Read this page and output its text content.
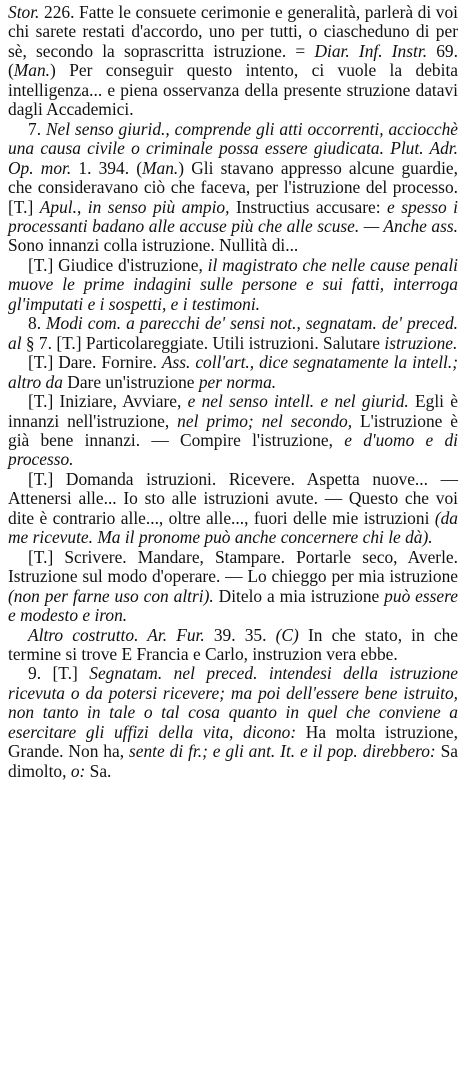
Stor. 226. Fatte le consuete cerimonie e generalità, parlerà di voi chi sarete restati d'accordo, uno per tutti, o ciascheduno di per sè, secondo la soprascritta istruzione. = Diar. Inf. Instr. 69. (Man.) Per conseguir questo intento, ci vuole la debita intelligenza... e piena osservanza della presente struzione datavi dagli Accademici.

7. Nel senso giurid., comprende gli atti occorrenti, acciocchè una causa civile o criminale possa essere giudicata. Plut. Adr. Op. mor. 1. 394. (Man.) Gli stavano appresso alcune guardie, che consideravano ciò che faceva, per l'istruzione del processo. [T.] Apul., in senso più ampio, Instructius accusare: e spesso i processanti badano alle accuse più che alle scuse. — Anche ass. Sono innanzi colla istruzione. Nullità di...

[T.] Giudice d'istruzione, il magistrato che nelle cause penali muove le prime indagini sulle persone e sui fatti, interroga gl'imputati e i sospetti, e i testimoni.

8. Modi com. a parecchi de' sensi not., segnatam. de' preced. al § 7. [T.] Particolareggiate. Utili istruzioni. Salutare istruzione.

[T.] Dare. Fornire. Ass. coll'art., dice segnatamente la intell.; altro da Dare un'istruzione per norma.

[T.] Iniziare, Avviare, e nel senso intell. e nel giurid. Egli è innanzi nell'istruzione, nel primo; nel secondo, L'istruzione è già bene innanzi. — Compire l'istruzione, e d'uomo e di processo.

[T.] Domanda istruzioni. Ricevere. Aspetta nuove... — Attenersi alle... Io sto alle istruzioni avute. — Questo che voi dite è contrario alle..., oltre alle..., fuori delle mie istruzioni (da me ricevute. Ma il pronome può anche concernere chi le dà).

[T.] Scrivere. Mandare, Stampare. Portarle seco, Averle. Istruzione sul modo d'operare. — Lo chieggo per mia istruzione (non per farne uso con altri). Ditelo a mia istruzione può essere e modesto e iron.

Altro costrutto. Ar. Fur. 39. 35. (C) In che stato, in che termine si trove E Francia e Carlo, instruzion vera ebbe.

9. [T.] Segnatam. nel preced. intendesi della istruzione ricevuta o da potersi ricevere; ma poi dell'essere bene istruito, non tanto in tale o tal cosa quanto in quel che conviene a esercitare gli uffizi della vita, dicono: Ha molta istruzione, Grande. Non ha, sente di fr.; e gli ant. It. e il pop. direbbero: Sa dimolto, o: Sa.
